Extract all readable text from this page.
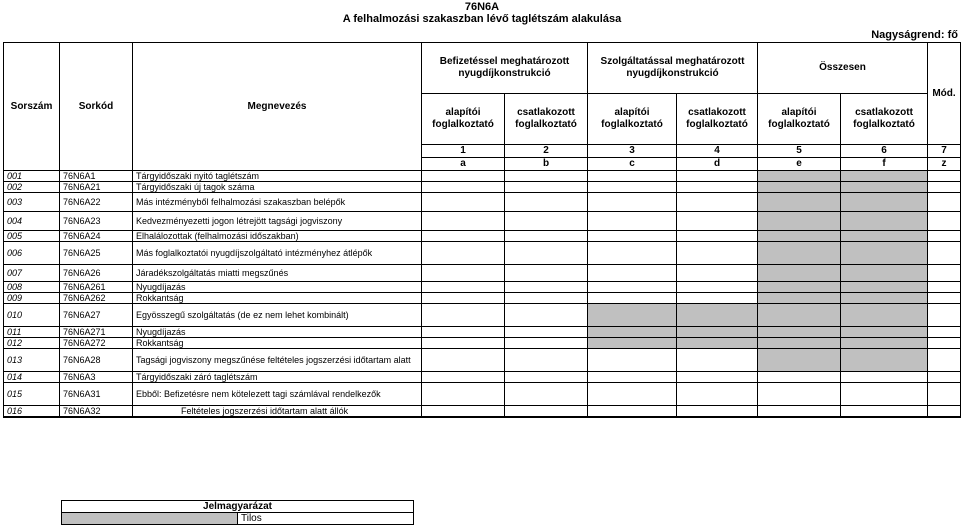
76N6A
A felhalmozási szakaszban lévő taglétszám alakulása
Nagyságrend: fő
Sorszám	Sorkód	Megnevezés	Befizetéssel meghatározott nyugdíjkonstrukció		Szolgáltatással meghatározott nyugdíjkonstrukció		Összesen		Mód.
			alapítói foglalkoztató	csatlakozott foglalkoztató	alapítói foglalkoztató	csatlakozott foglalkoztató	alapítói foglalkoztató	csatlakozott foglalkoztató	
			1	2	3	4	5	6	7
			a	b	c	d	e	f	z
001	76N6A1	Tárgyidőszaki nyitó taglétszám							
002	76N6A21	Tárgyidőszaki új tagok száma							
003	76N6A22	Más intézményből felhalmozási szakaszban belépők							
004	76N6A23	Kedvezményezetti jogon létrejött tagsági jogviszony							
005	76N6A24	Elhalálozottak (felhalmozási időszakban)							
006	76N6A25	Más foglalkoztatói nyugdíjszolgáltató intézményhez átlépők							
007	76N6A26	Járadékszolgáltatás miatti megszűnés							
008	76N6A261	Nyugdíjazás							
009	76N6A262	Rokkantság							
010	76N6A27	Egyösszegű szolgáltatás (de ez nem lehet kombinált)							
011	76N6A271	Nyugdíjazás							
012	76N6A272	Rokkantság							
013	76N6A28	Tagsági jogviszony megszűnése feltételes jogszerzési időtartam alatt							
014	76N6A3	Tárgyidőszaki záró taglétszám							
015	76N6A31	Ebből: Befizetésre nem kötelezett tagi számlával rendelkezők							
016	76N6A32	Feltételes jogszerzési időtartam alatt állók							
Jelmagyarázat
	Tilos
